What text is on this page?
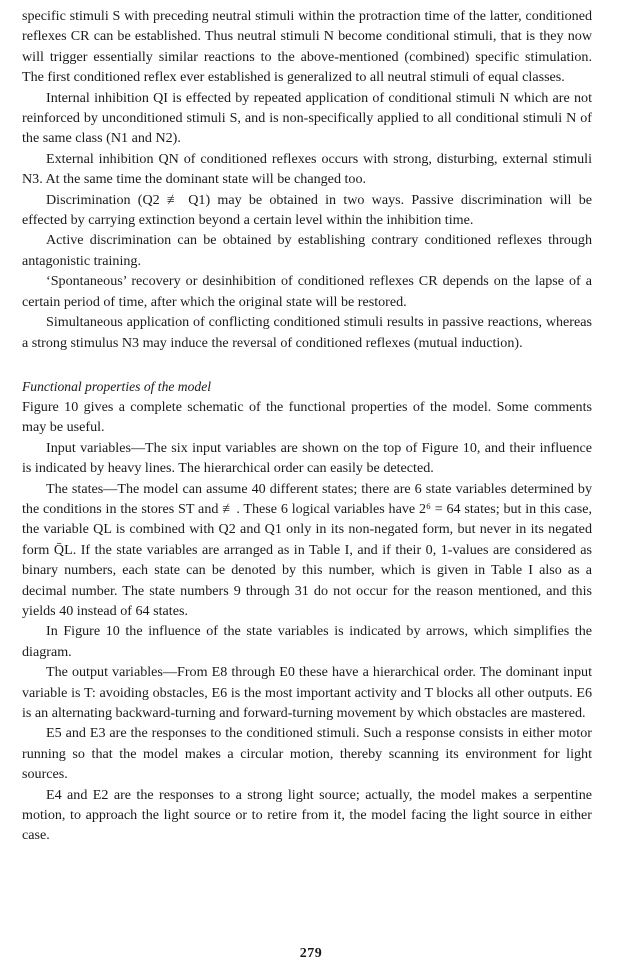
specific stimuli S with preceding neutral stimuli within the protraction time of the latter, conditioned reflexes CR can be established. Thus neutral stimuli N become conditional stimuli, that is they now will trigger essentially similar reactions to the above-mentioned (combined) specific stimulation. The first conditioned reflex ever established is generalized to all neutral stimuli of equal classes.

Internal inhibition QI is effected by repeated application of conditional stimuli N which are not reinforced by unconditioned stimuli S, and is non-specifically applied to all conditional stimuli N of the same class (N1 and N2).

External inhibition QN of conditioned reflexes occurs with strong, disturbing, external stimuli N3. At the same time the dominant state will be changed too.

Discrimination (Q2 ≢ Q1) may be obtained in two ways. Passive discrimination will be effected by carrying extinction beyond a certain level within the inhibition time.

Active discrimination can be obtained by establishing contrary conditioned reflexes through antagonistic training.

‘Spontaneous’ recovery or desinhibition of conditioned reflexes CR depends on the lapse of a certain period of time, after which the original state will be restored.

Simultaneous application of conflicting conditioned stimuli results in passive reactions, whereas a strong stimulus N3 may induce the reversal of conditioned reflexes (mutual induction).

Functional properties of the model

Figure 10 gives a complete schematic of the functional properties of the model. Some comments may be useful.

Input variables—The six input variables are shown on the top of Figure 10, and their influence is indicated by heavy lines. The hierarchical order can easily be detected.

The states—The model can assume 40 different states; there are 6 state variables determined by the conditions in the stores ST and ≢. These 6 logical variables have 2⁶ = 64 states; but in this case, the variable QL is combined with Q2 and Q1 only in its non-negated form, but never in its negated form Q̄L. If the state variables are arranged as in Table I, and if their 0, 1-values are considered as binary numbers, each state can be denoted by this number, which is given in Table I also as a decimal number. The state numbers 9 through 31 do not occur for the reason mentioned, and this yields 40 instead of 64 states.

In Figure 10 the influence of the state variables is indicated by arrows, which simplifies the diagram.

The output variables—From E8 through E0 these have a hierarchical order. The dominant input variable is T: avoiding obstacles, E6 is the most important activity and T blocks all other outputs. E6 is an alternating backward-turning and forward-turning movement by which obstacles are mastered.

E5 and E3 are the responses to the conditioned stimuli. Such a response consists in either motor running so that the model makes a circular motion, thereby scanning its environment for light sources.

E4 and E2 are the responses to a strong light source; actually, the model makes a serpentine motion, to approach the light source or to retire from it, the model facing the light source in either case.

279
